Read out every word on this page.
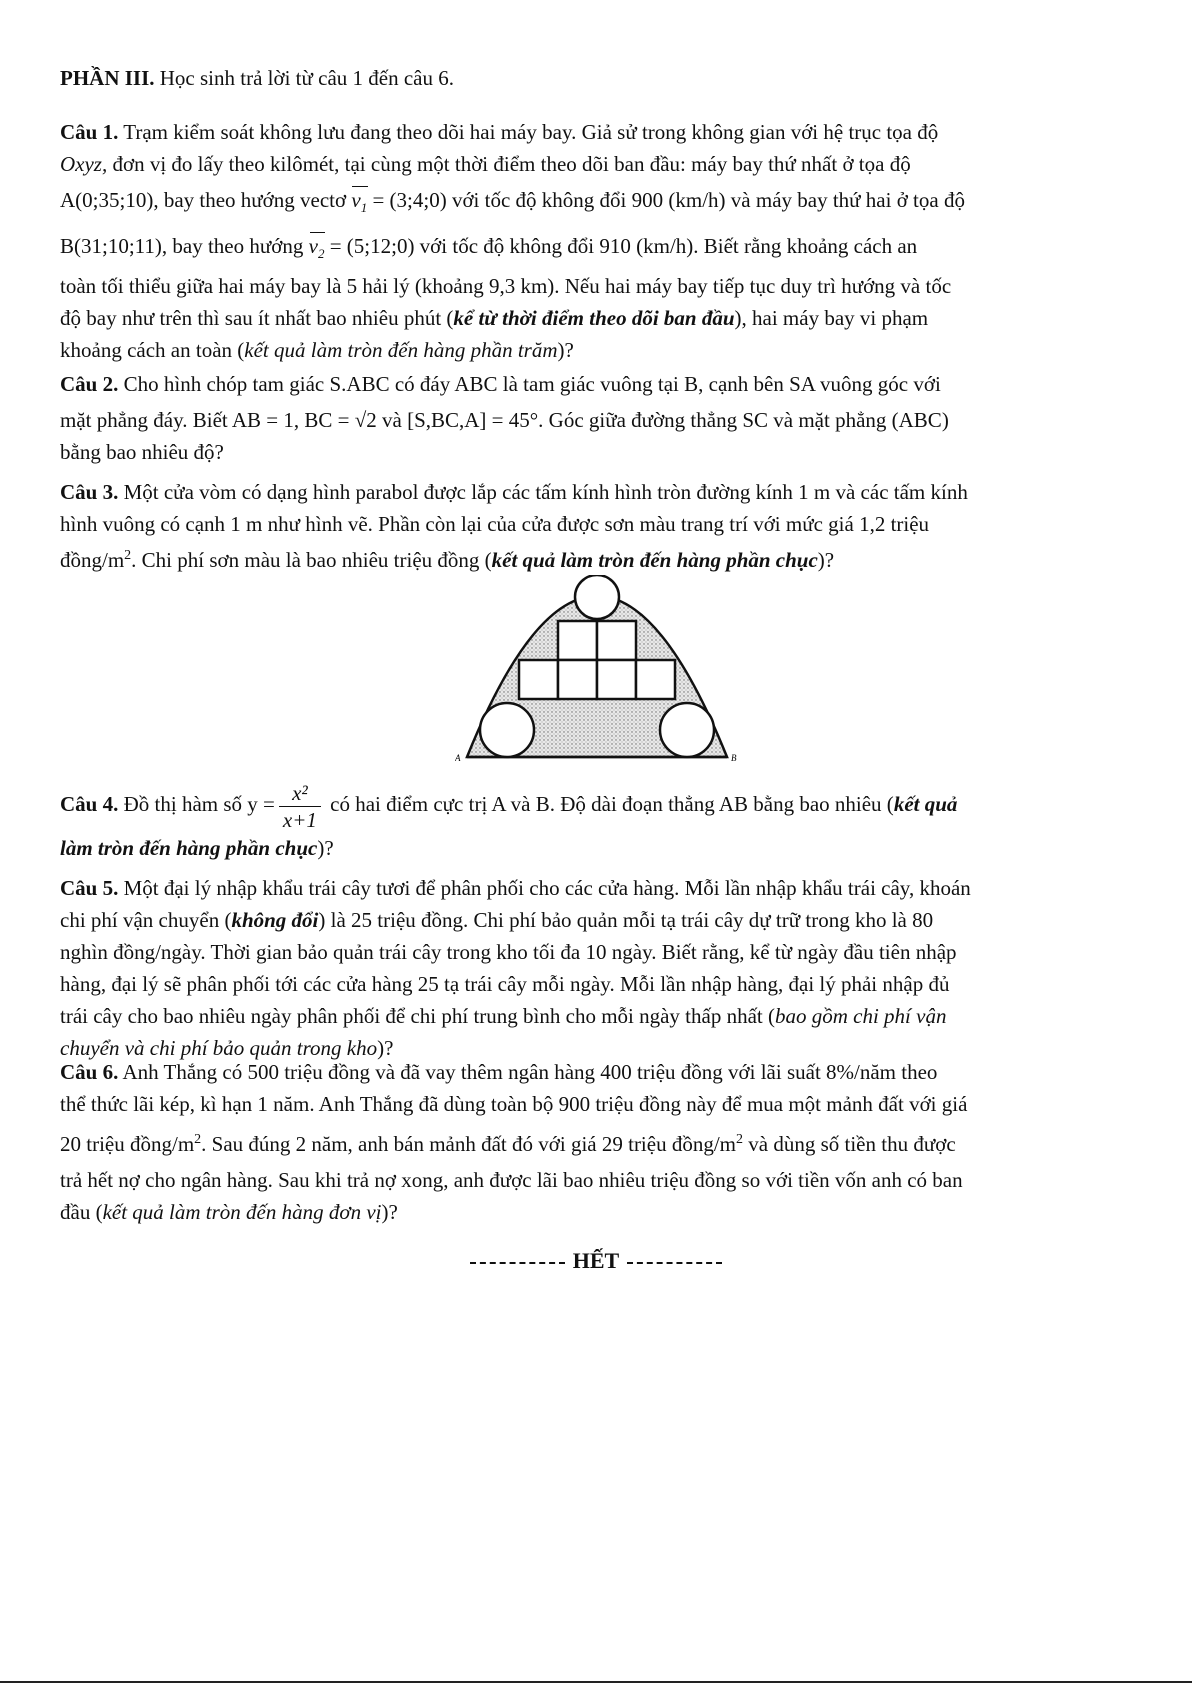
PHẦN III. Học sinh trả lời từ câu 1 đến câu 6.
Câu 1. Trạm kiểm soát không lưu đang theo dõi hai máy bay. Giả sử trong không gian với hệ trục tọa độ
Oxyz, đơn vị đo lấy theo kilômét, tại cùng một thời điểm theo dõi ban đầu: máy bay thứ nhất ở tọa độ
A(0;35;10), bay theo hướng vectơ $v_1$ = (3;4;0) với tốc độ không đổi 900 (km/h) và máy bay thứ hai ở tọa độ
B(31;10;11), bay theo hướng $v_2$ = (5;12;0) với tốc độ không đổi 910 (km/h). Biết rằng khoảng cách an
toàn tối thiểu giữa hai máy bay là 5 hải lý (khoảng 9,3 km). Nếu hai máy bay tiếp tục duy trì hướng và tốc
độ bay như trên thì sau ít nhất bao nhiêu phút (kể từ thời điểm theo dõi ban đầu), hai máy bay vi phạm
khoảng cách an toàn (kết quả làm tròn đến hàng phần trăm)?
Câu 2. Cho hình chóp tam giác S.ABC có đáy ABC là tam giác vuông tại B, cạnh bên SA vuông góc với
mặt phẳng đáy. Biết AB = 1, BC = √2 và [S,BC,A] = 45°. Góc giữa đường thẳng SC và mặt phẳng (ABC)
bằng bao nhiêu độ?
Câu 3. Một cửa vòm có dạng hình parabol được lắp các tấm kính hình tròn đường kính 1 m và các tấm kính
hình vuông có cạnh 1 m như hình vẽ. Phần còn lại của cửa được sơn màu trang trí với mức giá 1,2 triệu
đồng/$m^2$. Chi phí sơn màu là bao nhiêu triệu đồng (kết quả làm tròn đến hàng phần chục)?
A	B
Câu 4. Đồ thị hàm số $y = \frac{\text{x²}}{x+1}$ có hai điểm cực trị A và B. Độ dài đoạn thẳng AB bằng bao nhiêu (kết quả
làm tròn đến hàng phần chục)?
Câu 5. Một đại lý nhập khẩu trái cây tươi để phân phối cho các cửa hàng. Mỗi lần nhập khẩu trái cây, khoán
chi phí vận chuyển (không đổi) là 25 triệu đồng. Chi phí bảo quản mỗi tạ trái cây dự trữ trong kho là 80
nghìn đồng/ngày. Thời gian bảo quản trái cây trong kho tối đa 10 ngày. Biết rằng, kể từ ngày đầu tiên nhập
hàng, đại lý sẽ phân phối tới các cửa hàng 25 tạ trái cây mỗi ngày. Mỗi lần nhập hàng, đại lý phải nhập đủ
trái cây cho bao nhiêu ngày phân phối để chi phí trung bình cho mỗi ngày thấp nhất (bao gồm chi phí vận
chuyển và chi phí bảo quản trong kho)?
Câu 6. Anh Thắng có 500 triệu đồng và đã vay thêm ngân hàng 400 triệu đồng với lãi suất 8%/năm theo
thể thức lãi kép, kì hạn 1 năm. Anh Thắng đã dùng toàn bộ 900 triệu đồng này để mua một mảnh đất với giá
20 triệu đồng/$m^2$. Sau đúng 2 năm, anh bán mảnh đất đó với giá 29 triệu đồng/$m^2$ và dùng số tiền thu được
trả hết nợ cho ngân hàng. Sau khi trả nợ xong, anh được lãi bao nhiêu triệu đồng so với tiền vốn anh có ban
đầu (kết quả làm tròn đến hàng đơn vị)?
HẾT
